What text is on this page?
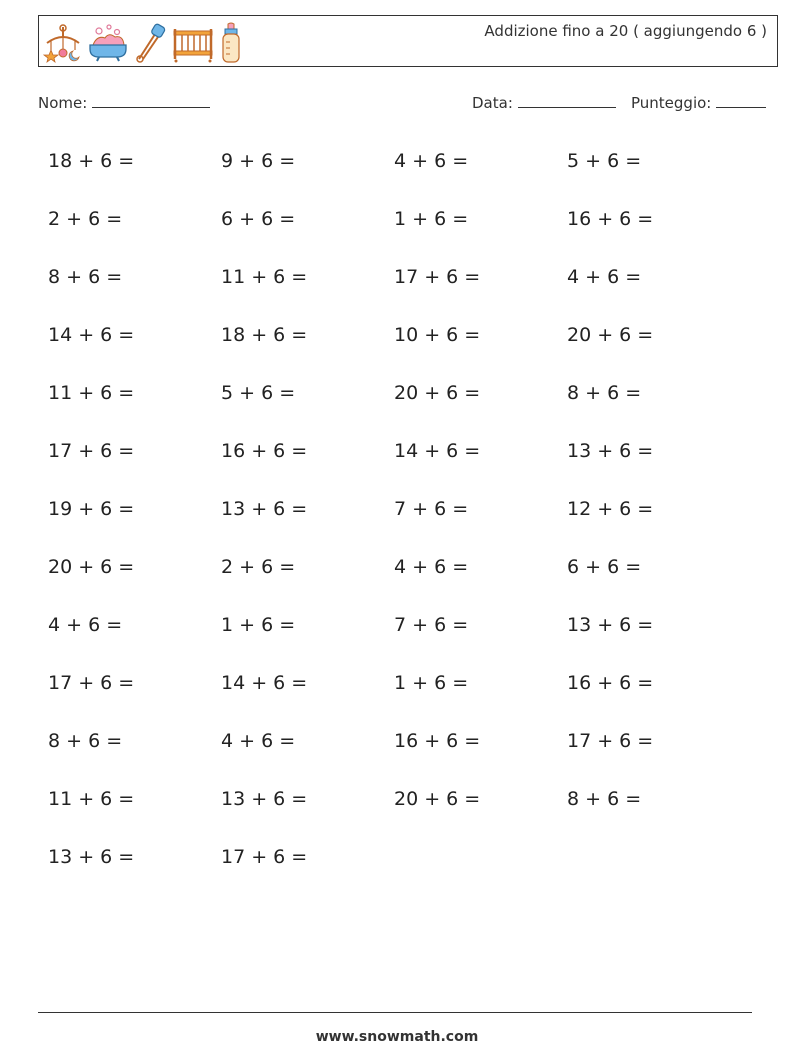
Addizione fino a 20 ( aggiungendo 6 )
Nome:	Data:	Punteggio:
18 + 6 =	9 + 6 =	4 + 6 =	5 + 6 =
2 + 6 =	6 + 6 =	1 + 6 =	16 + 6 =
8 + 6 =	11 + 6 =	17 + 6 =	4 + 6 =
14 + 6 =	18 + 6 =	10 + 6 =	20 + 6 =
11 + 6 =	5 + 6 =	20 + 6 =	8 + 6 =
17 + 6 =	16 + 6 =	14 + 6 =	13 + 6 =
19 + 6 =	13 + 6 =	7 + 6 =	12 + 6 =
20 + 6 =	2 + 6 =	4 + 6 =	6 + 6 =
4 + 6 =	1 + 6 =	7 + 6 =	13 + 6 =
17 + 6 =	14 + 6 =	1 + 6 =	16 + 6 =
8 + 6 =	4 + 6 =	16 + 6 =	17 + 6 =
11 + 6 =	13 + 6 =	20 + 6 =	8 + 6 =
13 + 6 =	17 + 6 =
www.snowmath.com
